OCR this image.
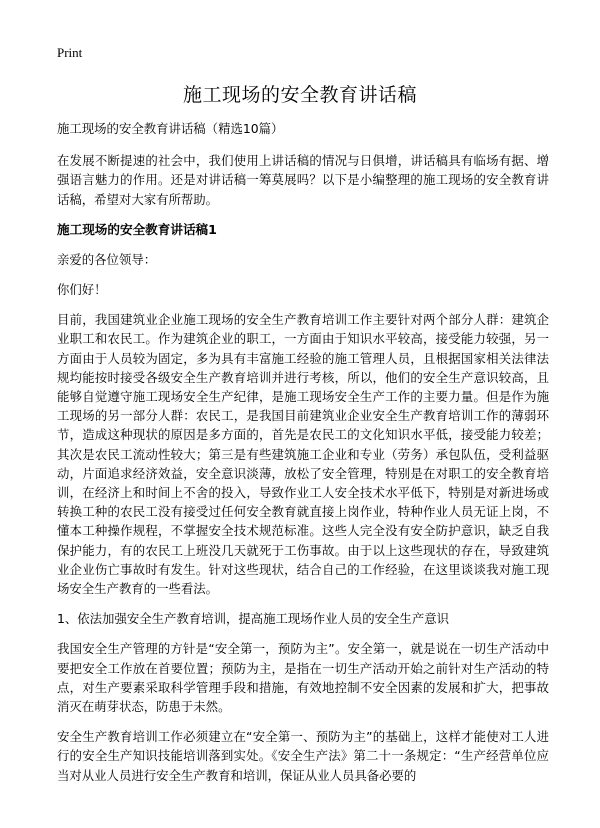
Print
施工现场的安全教育讲话稿

施工现场的安全教育讲话稿（精选10篇）

在发展不断提速的社会中，我们使用上讲话稿的情况与日俱增，讲话稿具有临场有据、增强语言魅力的作用。还是对讲话稿一筹莫展吗？以下是小编整理的施工现场的安全教育讲话稿，希望对大家有所帮助。

施工现场的安全教育讲话稿1

亲爱的各位领导：

你们好！

目前，我国建筑业企业施工现场的安全生产教育培训工作主要针对两个部分人群：建筑企业职工和农民工。作为建筑企业的职工，一方面由于知识水平较高，接受能力较强，另一方面由于人员较为固定，多为具有丰富施工经验的施工管理人员，且根据国家相关法律法规均能按时接受各级安全生产教育培训并进行考核，所以，他们的安全生产意识较高，且能够自觉遵守施工现场安全生产纪律，是施工现场安全生产工作的主要力量。但是作为施工现场的另一部分人群：农民工，是我国目前建筑业企业安全生产教育培训工作的薄弱环节，造成这种现状的原因是多方面的，首先是农民工的文化知识水平低，接受能力较差；其次是农民工流动性较大；第三是有些建筑施工企业和专业（劳务）承包队伍，受利益驱动，片面追求经济效益，安全意识淡薄，放松了安全管理，特别是在对职工的安全教育培训，在经济上和时间上不舍的投入，导致作业工人安全技术水平低下，特别是对新进场或转换工种的农民工没有接受过任何安全教育就直接上岗作业，特种作业人员无证上岗，不懂本工种操作规程，不掌握安全技术规范标准。这些人完全没有安全防护意识，缺乏自我保护能力，有的农民工上班没几天就死于工伤事故。由于以上这些现状的存在，导致建筑业企业伤亡事故时有发生。针对这些现状，结合自己的工作经验，在这里谈谈我对施工现场安全生产教育的一些看法。

1、依法加强安全生产教育培训，提高施工现场作业人员的安全生产意识

我国安全生产管理的方针是“安全第一，预防为主”。安全第一，就是说在一切生产活动中要把安全工作放在首要位置；预防为主，是指在一切生产活动开始之前针对生产活动的特点，对生产要素采取科学管理手段和措施，有效地控制不安全因素的发展和扩大，把事故消灭在萌芽状态，防患于未然。

安全生产教育培训工作必须建立在“安全第一、预防为主”的基础上，这样才能使对工人进行的安全生产知识技能培训落到实处。《安全生产法》第二十一条规定：“生产经营单位应当对从业人员进行安全生产教育和培训，保证从业人员具备必要的
